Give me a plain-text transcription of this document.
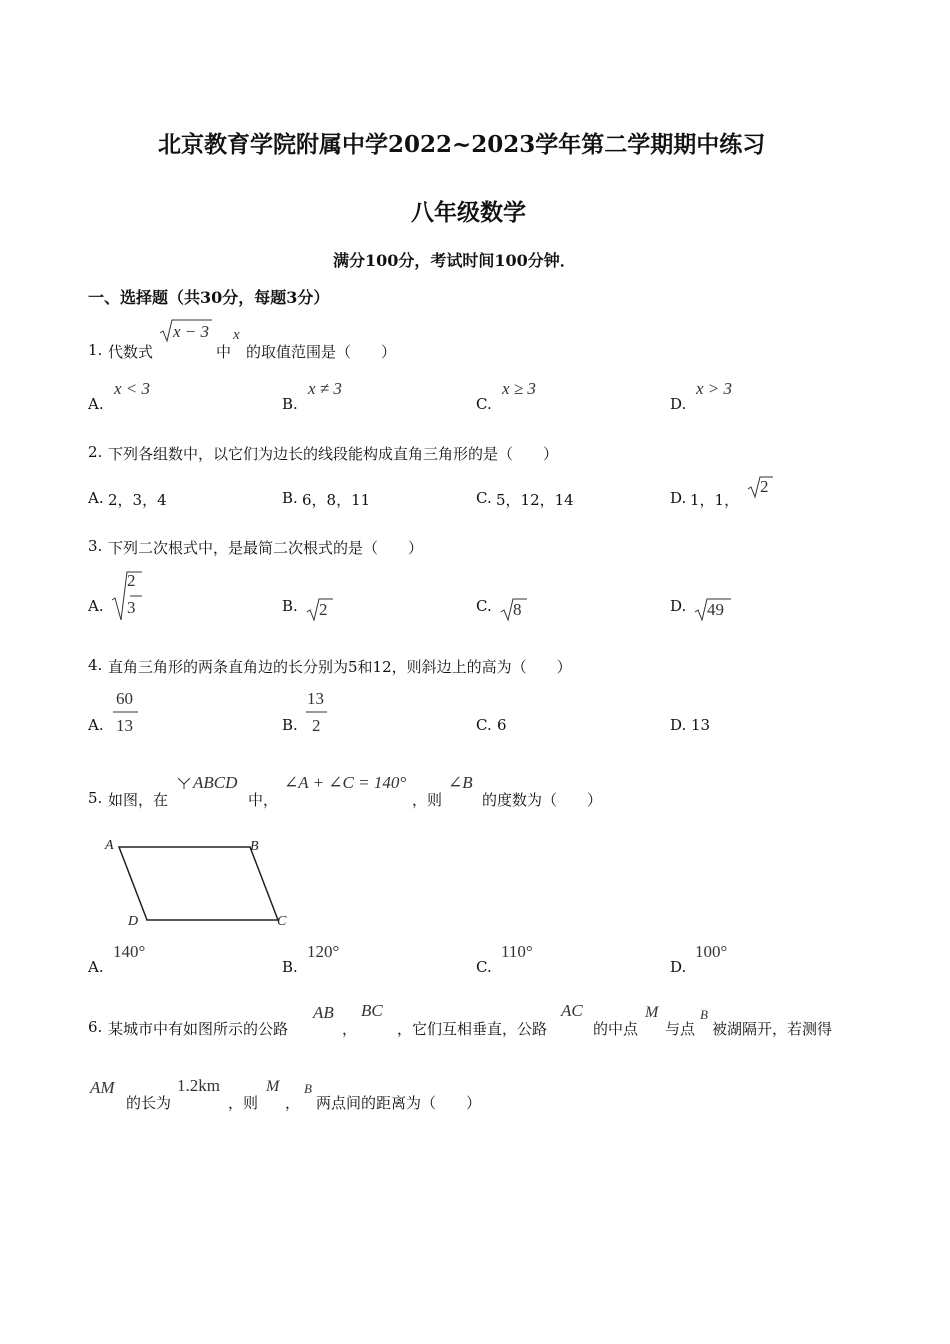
北京教育学院附属中学2022~2023学年第二学期期中练习
八年级数学
满分100分，考试时间100分钟．
一、选择题（共30分，每题3分）
1. 代数式
x − 3
中
x
的取值范围是（　　）
A.
x < 3
B.
x ≠ 3
C.
x ≥ 3
D.
x > 3
2. 下列各组数中，以它们为边长的线段能构成直角三角形的是（　　）
A. 2，3，4	B. 6，8，11	C. 5，12，14	D. 1，1，
2
3. 下列二次根式中，是最简二次根式的是（　　）
A.
2
3	B. 2	C. 8	D. 49
4. 直角三角形的两条直角边的长分别为5和12，则斜边上的高为（　　）
A.
60
13	B.
13
2	C. 6	D. 13
5. 如图，在
ABCD
中，
∠A + ∠C = 140°
，则
∠B
的度数为（　　）
A	B
C
D
A.
140°
B.
120°
C.
110°
D.
100°
6. 某城市中有如图所示的公路
AB
，
BC
，它们互相垂直，公路
AC
的中点
M
与点
B
被湖隔开，若测得
AM
的长为
1.2km
，则
M
，
B
两点间的距离为（　　）
